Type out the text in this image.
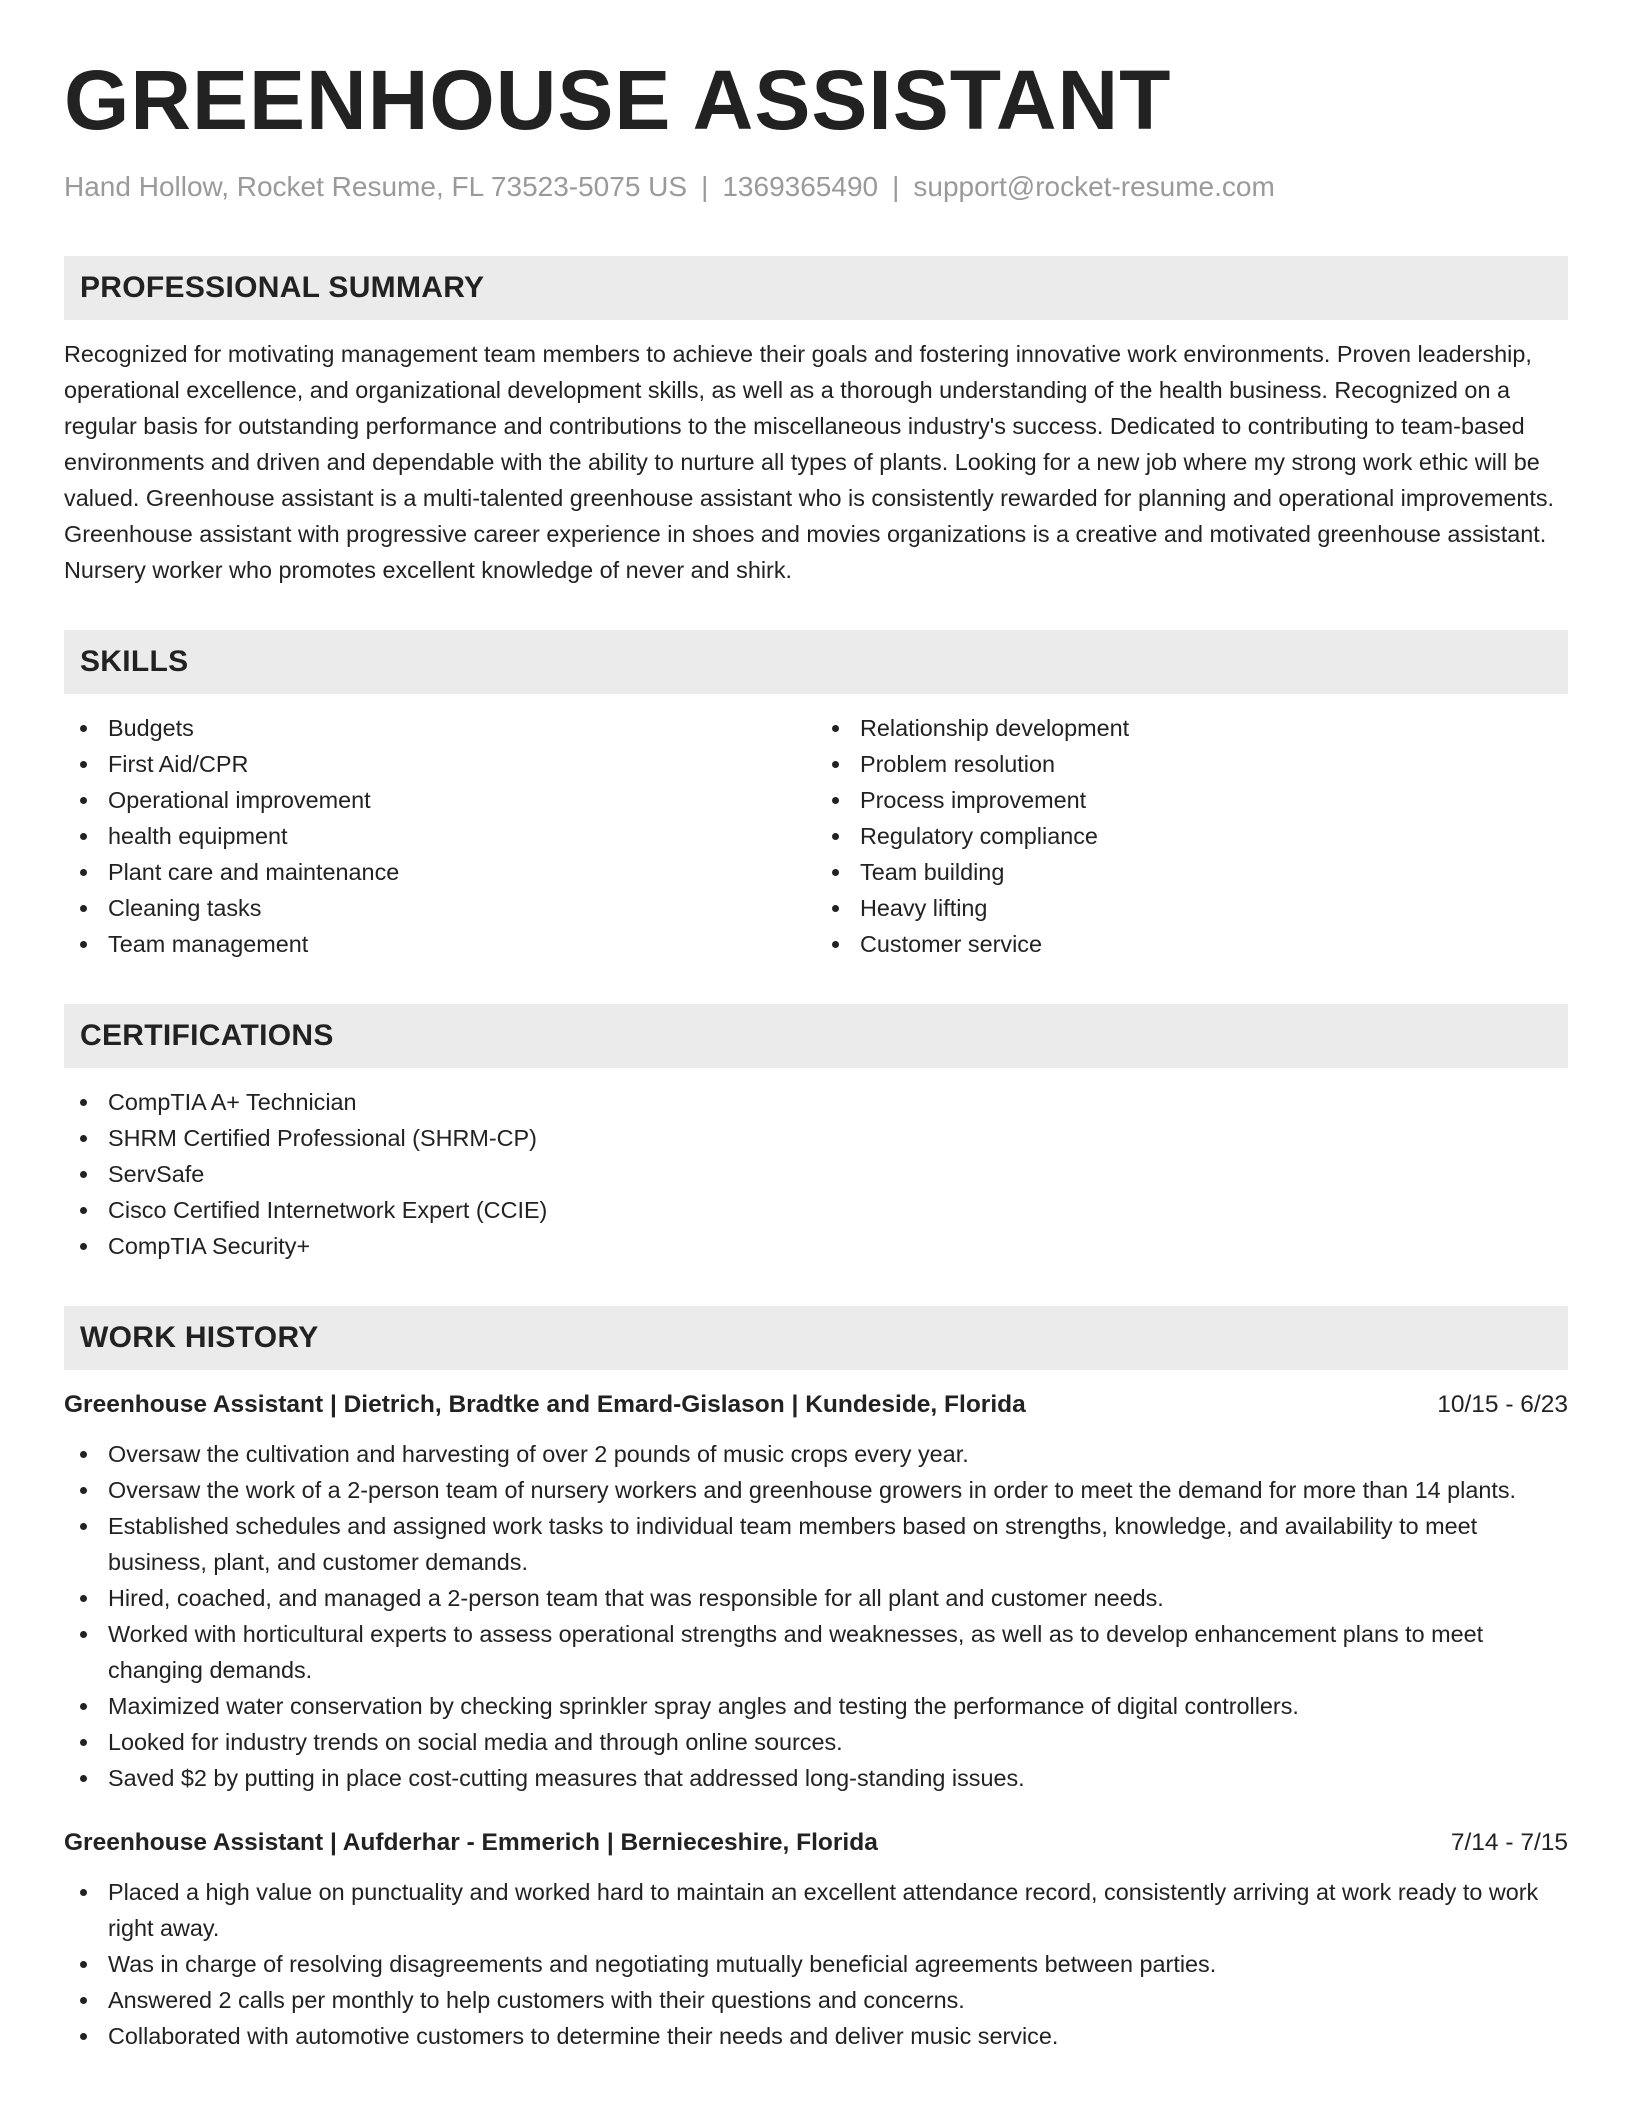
GREENHOUSE ASSISTANT
Hand Hollow, Rocket Resume, FL 73523-5075 US | 1369365490 | support@rocket-resume.com
PROFESSIONAL SUMMARY
Recognized for motivating management team members to achieve their goals and fostering innovative work environments. Proven leadership, operational excellence, and organizational development skills, as well as a thorough understanding of the health business. Recognized on a regular basis for outstanding performance and contributions to the miscellaneous industry's success. Dedicated to contributing to team-based environments and driven and dependable with the ability to nurture all types of plants. Looking for a new job where my strong work ethic will be valued. Greenhouse assistant is a multi-talented greenhouse assistant who is consistently rewarded for planning and operational improvements. Greenhouse assistant with progressive career experience in shoes and movies organizations is a creative and motivated greenhouse assistant. Nursery worker who promotes excellent knowledge of never and shirk.
SKILLS
Budgets
First Aid/CPR
Operational improvement
health equipment
Plant care and maintenance
Cleaning tasks
Team management
Relationship development
Problem resolution
Process improvement
Regulatory compliance
Team building
Heavy lifting
Customer service
CERTIFICATIONS
CompTIA A+ Technician
SHRM Certified Professional (SHRM-CP)
ServSafe
Cisco Certified Internetwork Expert (CCIE)
CompTIA Security+
WORK HISTORY
Greenhouse Assistant | Dietrich, Bradtke and Emard-Gislason | Kundeside, Florida	10/15 - 6/23
Oversaw the cultivation and harvesting of over 2 pounds of music crops every year.
Oversaw the work of a 2-person team of nursery workers and greenhouse growers in order to meet the demand for more than 14 plants.
Established schedules and assigned work tasks to individual team members based on strengths, knowledge, and availability to meet business, plant, and customer demands.
Hired, coached, and managed a 2-person team that was responsible for all plant and customer needs.
Worked with horticultural experts to assess operational strengths and weaknesses, as well as to develop enhancement plans to meet changing demands.
Maximized water conservation by checking sprinkler spray angles and testing the performance of digital controllers.
Looked for industry trends on social media and through online sources.
Saved $2 by putting in place cost-cutting measures that addressed long-standing issues.
Greenhouse Assistant | Aufderhar - Emmerich | Bernieceshire, Florida	7/14 - 7/15
Placed a high value on punctuality and worked hard to maintain an excellent attendance record, consistently arriving at work ready to work right away.
Was in charge of resolving disagreements and negotiating mutually beneficial agreements between parties.
Answered 2 calls per monthly to help customers with their questions and concerns.
Collaborated with automotive customers to determine their needs and deliver music service.
